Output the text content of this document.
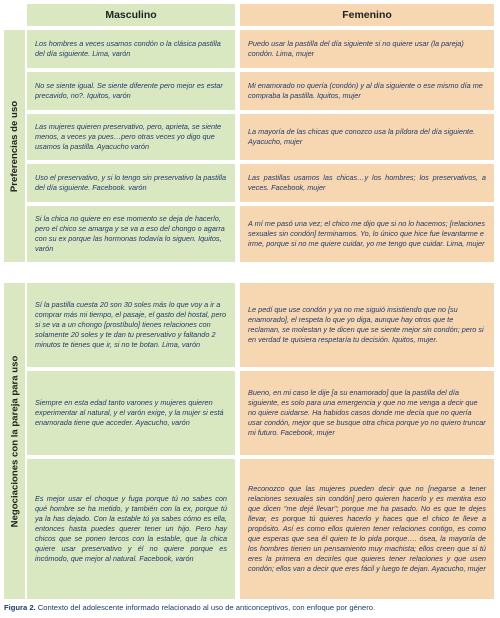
Masculino	Femenino
Preferencias de uso

Los hombres a veces usamos condón o la clásica pastilla del día siguiente. Lima, varón

Puedo usar la pastilla del día siguiente si no quiere usar (la pareja) condón. Lima, mujer

No se siente igual. Se siente diferente pero mejor es estar precavido, no?. Iquitos, varón

Mi enamorado no quería (condón) y al día siguiente o ese mismo día me compraba la pastilla. Iquitos, mujer

Las mujeres quieren preservativo, pero, aprieta, se siente menos, a veces ya pues…pero otras veces yo digo que usamos la pastilla. Ayacucho varón

La mayoría de las chicas que conozco usa la píldora del día siguiente. Ayacucho, mujer

Uso el preservativo, y si lo tengo sin preservativo la pastilla del día siguiente. Facebook. varón

Las pastillas usamos las chicas…y los hombres; los preservativos, a veces. Facebook, mujer

Si la chica no quiere en ese momento se deja de hacerlo, pero el chico se amarga y se va a eso del chongo o agarra con su ex porque las hormonas todavía lo siguen. Iquitos, varón

A mí me pasó una vez; el chico me dijo que si no lo hacemos; [relaciones sexuales sin condón] terminamos. Yo, lo único que hice fue levantarme e irme, porque si no me quiere cuidar, yo me tengo que cuidar. Lima, mujer

Negociaciones con la pareja para uso

Sí la pastilla cuesta 20 son 30 soles más lo que voy a ir a comprar más mi tiempo, el pasaje, el gasto del hostal, pero si se va a un chongo [prostíbulo] tienes relaciones con solamente 20 soles y te dan tu preservativo y faltando 2 minutos te tienes que ir, si no te botan. Lima, varón

Le pedí que use condón y ya no me siguió insistiendo que no [su enamorado], el respeta lo que yo diga, aunque hay otros que te reclaman, se molestan y te dicen que se siente mejor sin condón; pero si en verdad te quisiera respetaría tu decisión. Iquitos, mujer.

Siempre en esta edad tanto varones y mujeres quieren experimentar al natural, y el varón exige, y la mujer si está enamorada tiene que acceder. Ayacucho, varón

Bueno, en mi caso le dije [a su enamorado] que la pastilla del día siguiente, es solo para una emergencia y que no me venga a decir que no quiere cuidarse. Ha habidos casos donde me decía que no quería usar condón, mejor que se busque otra chica porque yo no quiero truncar mi futuro. Facebook, mujer

Es mejor usar el choque y fuga porque tú no sabes con qué hombre se ha metido, y también con la ex, porque tú ya la has dejado. Con la estable tú ya sabes cómo es ella, entonces hasta puedes querer tener un hijo. Pero hay chicos que se ponen tercos con la estable, que la chica quiere usar preservativo y él no quiere porque es incómodo, que mejor al natural. Facebook, varón

Reconozco que las mujeres pueden decir que no [negarse a tener relaciones sexuales sin condón] pero quieren hacerlo y es mentira eso que dicen "me dejé llevar"; porque me ha pasado. No es que te dejes llevar, es porque tú quieres hacerlo y haces que el chico te lleve a propósito. Así es como ellos quieren tener relaciones contigo, es como que esperas que sea él quien te lo pida porque…. ósea, la mayoría de los hombres tienen un pensamiento muy machista; ellos creen que si tú eres la primera en decirles que quieres tener relaciones y que usen condón; ellos van a decir que eres fácil y luego te dejan. Ayacucho, mujer

Figura 2. Contexto del adolescente informado relacionado al uso de anticonceptivos, con enfoque por género.
